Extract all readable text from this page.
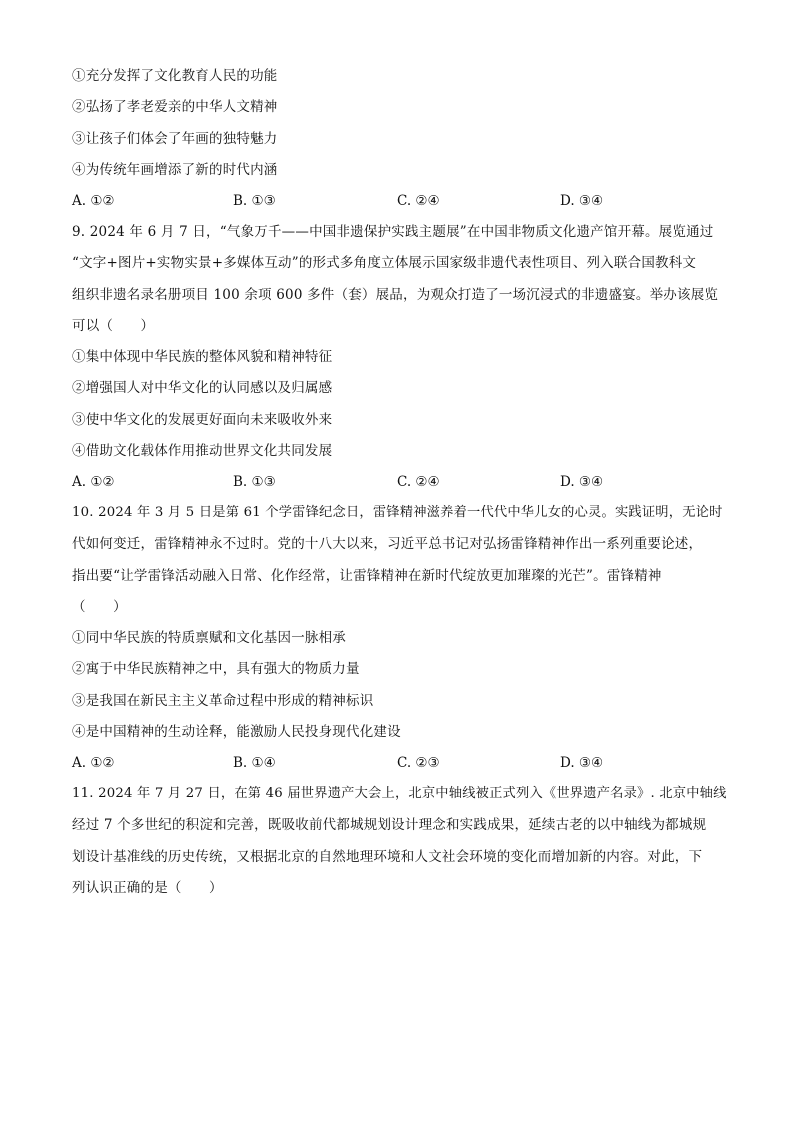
①充分发挥了文化教育人民的功能
②弘扬了孝老爱亲的中华人文精神
③让孩子们体会了年画的独特魅力
④为传统年画增添了新的时代内涵
A. ①②	B. ①③	C. ②④	D. ③④
9. 2024 年 6 月 7 日，“气象万千——中国非遗保护实践主题展”在中国非物质文化遗产馆开幕。展览通过
“文字+图片+实物实景+多媒体互动”的形式多角度立体展示国家级非遗代表性项目、列入联合国教科文
组织非遗名录名册项目 100 余项 600 多件（套）展品，为观众打造了一场沉浸式的非遗盛宴。举办该展览
可以（　　）
①集中体现中华民族的整体风貌和精神特征
②增强国人对中华文化的认同感以及归属感
③使中华文化的发展更好面向未来吸收外来
④借助文化载体作用推动世界文化共同发展
A. ①②	B. ①③	C. ②④	D. ③④
10. 2024 年 3 月 5 日是第 61 个学雷锋纪念日，雷锋精神滋养着一代代中华儿女的心灵。实践证明，无论时
代如何变迁，雷锋精神永不过时。党的十八大以来，习近平总书记对弘扬雷锋精神作出一系列重要论述，
指出要“让学雷锋活动融入日常、化作经常，让雷锋精神在新时代绽放更加璀璨的光芒”。雷锋精神
（　　）
①同中华民族的特质禀赋和文化基因一脉相承
②寓于中华民族精神之中，具有强大的物质力量
③是我国在新民主主义革命过程中形成的精神标识
④是中国精神的生动诠释，能激励人民投身现代化建设
A. ①②	B. ①④	C. ②③	D. ③④
11. 2024 年 7 月 27 日，在第 46 届世界遗产大会上，北京中轴线被正式列入《世界遗产名录》. 北京中轴线
经过 7 个多世纪的积淀和完善，既吸收前代都城规划设计理念和实践成果，延续古老的以中轴线为都城规
划设计基准线的历史传统，又根据北京的自然地理环境和人文社会环境的变化而增加新的内容。对此，下
列认识正确的是（　　）
